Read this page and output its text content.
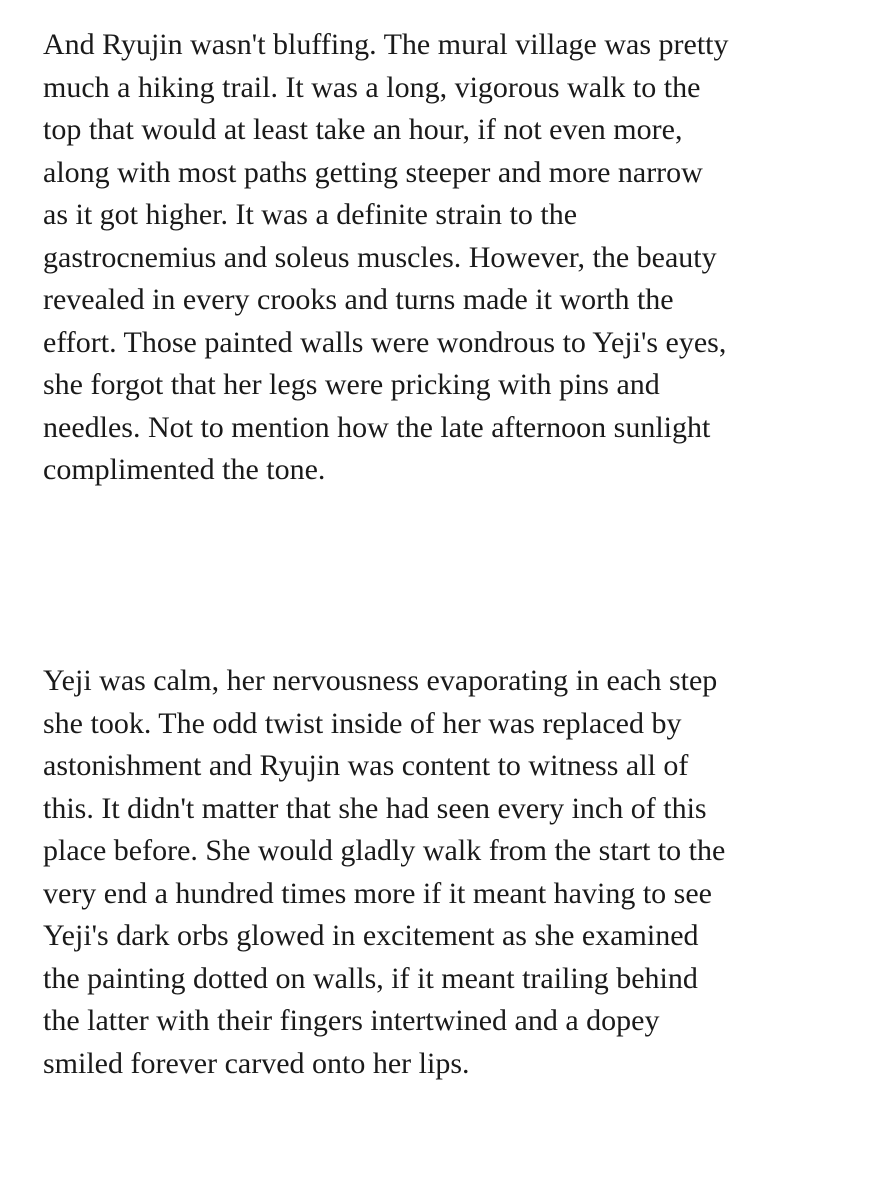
And Ryujin wasn't bluffing. The mural village was pretty
much a hiking trail. It was a long, vigorous walk to the
top that would at least take an hour, if not even more,
along with most paths getting steeper and more narrow
as it got higher. It was a definite strain to the
gastrocnemius and soleus muscles. However, the beauty
revealed in every crooks and turns made it worth the
effort. Those painted walls were wondrous to Yeji's eyes,
she forgot that her legs were pricking with pins and
needles. Not to mention how the late afternoon sunlight
complimented the tone.

Yeji was calm, her nervousness evaporating in each step
she took. The odd twist inside of her was replaced by
astonishment and Ryujin was content to witness all of
this. It didn't matter that she had seen every inch of this
place before. She would gladly walk from the start to the
very end a hundred times more if it meant having to see
Yeji's dark orbs glowed in excitement as she examined
the painting dotted on walls, if it meant trailing behind
the latter with their fingers intertwined and a dopey
smiled forever carved onto her lips.
